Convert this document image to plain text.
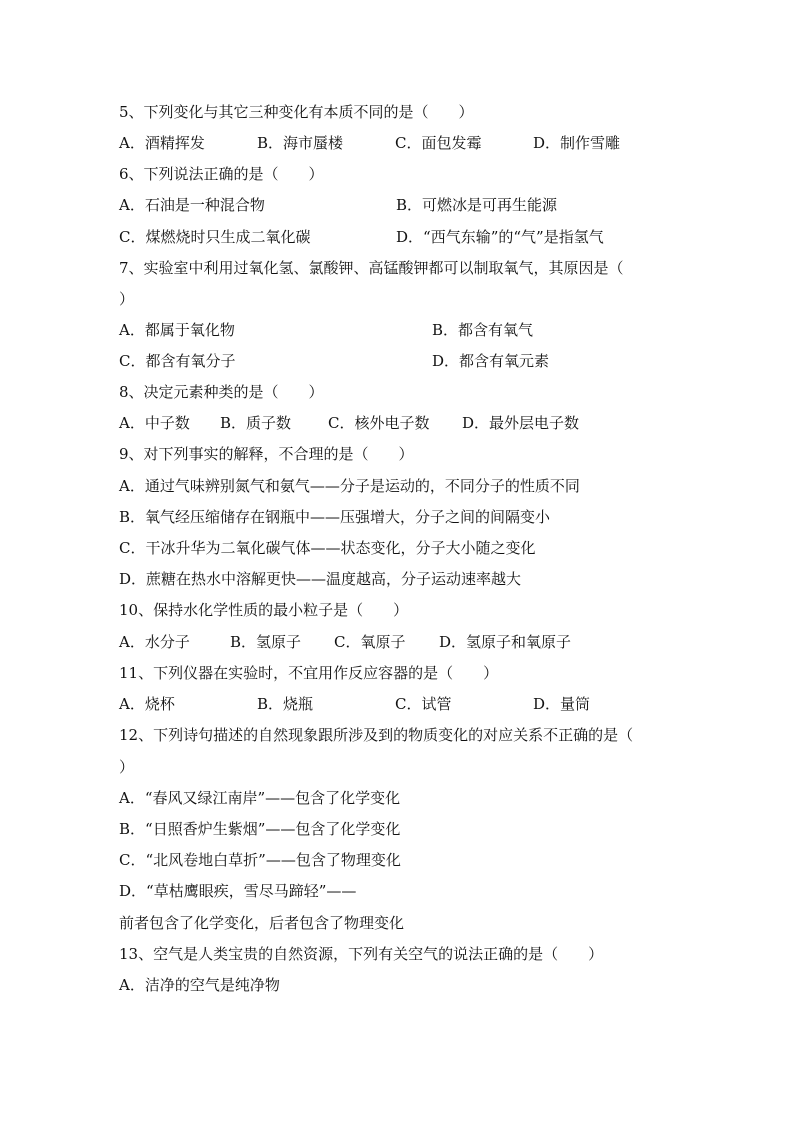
5、下列变化与其它三种变化有本质不同的是（　　）
A．酒精挥发	B．海市蜃楼	C．面包发霉	D．制作雪雕
6、下列说法正确的是（　　）
A．石油是一种混合物	B．可燃冰是可再生能源
C．煤燃烧时只生成二氧化碳	D．“西气东输”的“气”是指氢气
7、实验室中利用过氧化氢、氯酸钾、高锰酸钾都可以制取氧气，其原因是（
）
A．都属于氧化物	B．都含有氧气
C．都含有氧分子	D．都含有氧元素
8、决定元素种类的是（　　）
A．中子数 B．质子数 C．核外电子数 D．最外层电子数
9、对下列事实的解释，不合理的是（　　）
A．通过气味辨别氮气和氨气——分子是运动的，不同分子的性质不同
B．氧气经压缩储存在钢瓶中——压强增大，分子之间的间隔变小
C．干冰升华为二氧化碳气体——状态变化，分子大小随之变化
D．蔗糖在热水中溶解更快——温度越高，分子运动速率越大
10、保持水化学性质的最小粒子是（　　）
A．水分子	B．氢原子 C．氧原子 D．氢原子和氧原子
11、下列仪器在实验时，不宜用作反应容器的是（　　）
A．烧杯	B．烧瓶	C．试管	D．量筒
12、下列诗句描述的自然现象跟所涉及到的物质变化的对应关系不正确的是（
）
A．“春风又绿江南岸”——包含了化学变化
B．“日照香炉生紫烟”——包含了化学变化
C．“北风卷地白草折”——包含了物理变化
D．“草枯鹰眼疾，雪尽马蹄轻”——
前者包含了化学变化，后者包含了物理变化
13、空气是人类宝贵的自然资源，下列有关空气的说法正确的是（　　）
A．洁净的空气是纯净物
